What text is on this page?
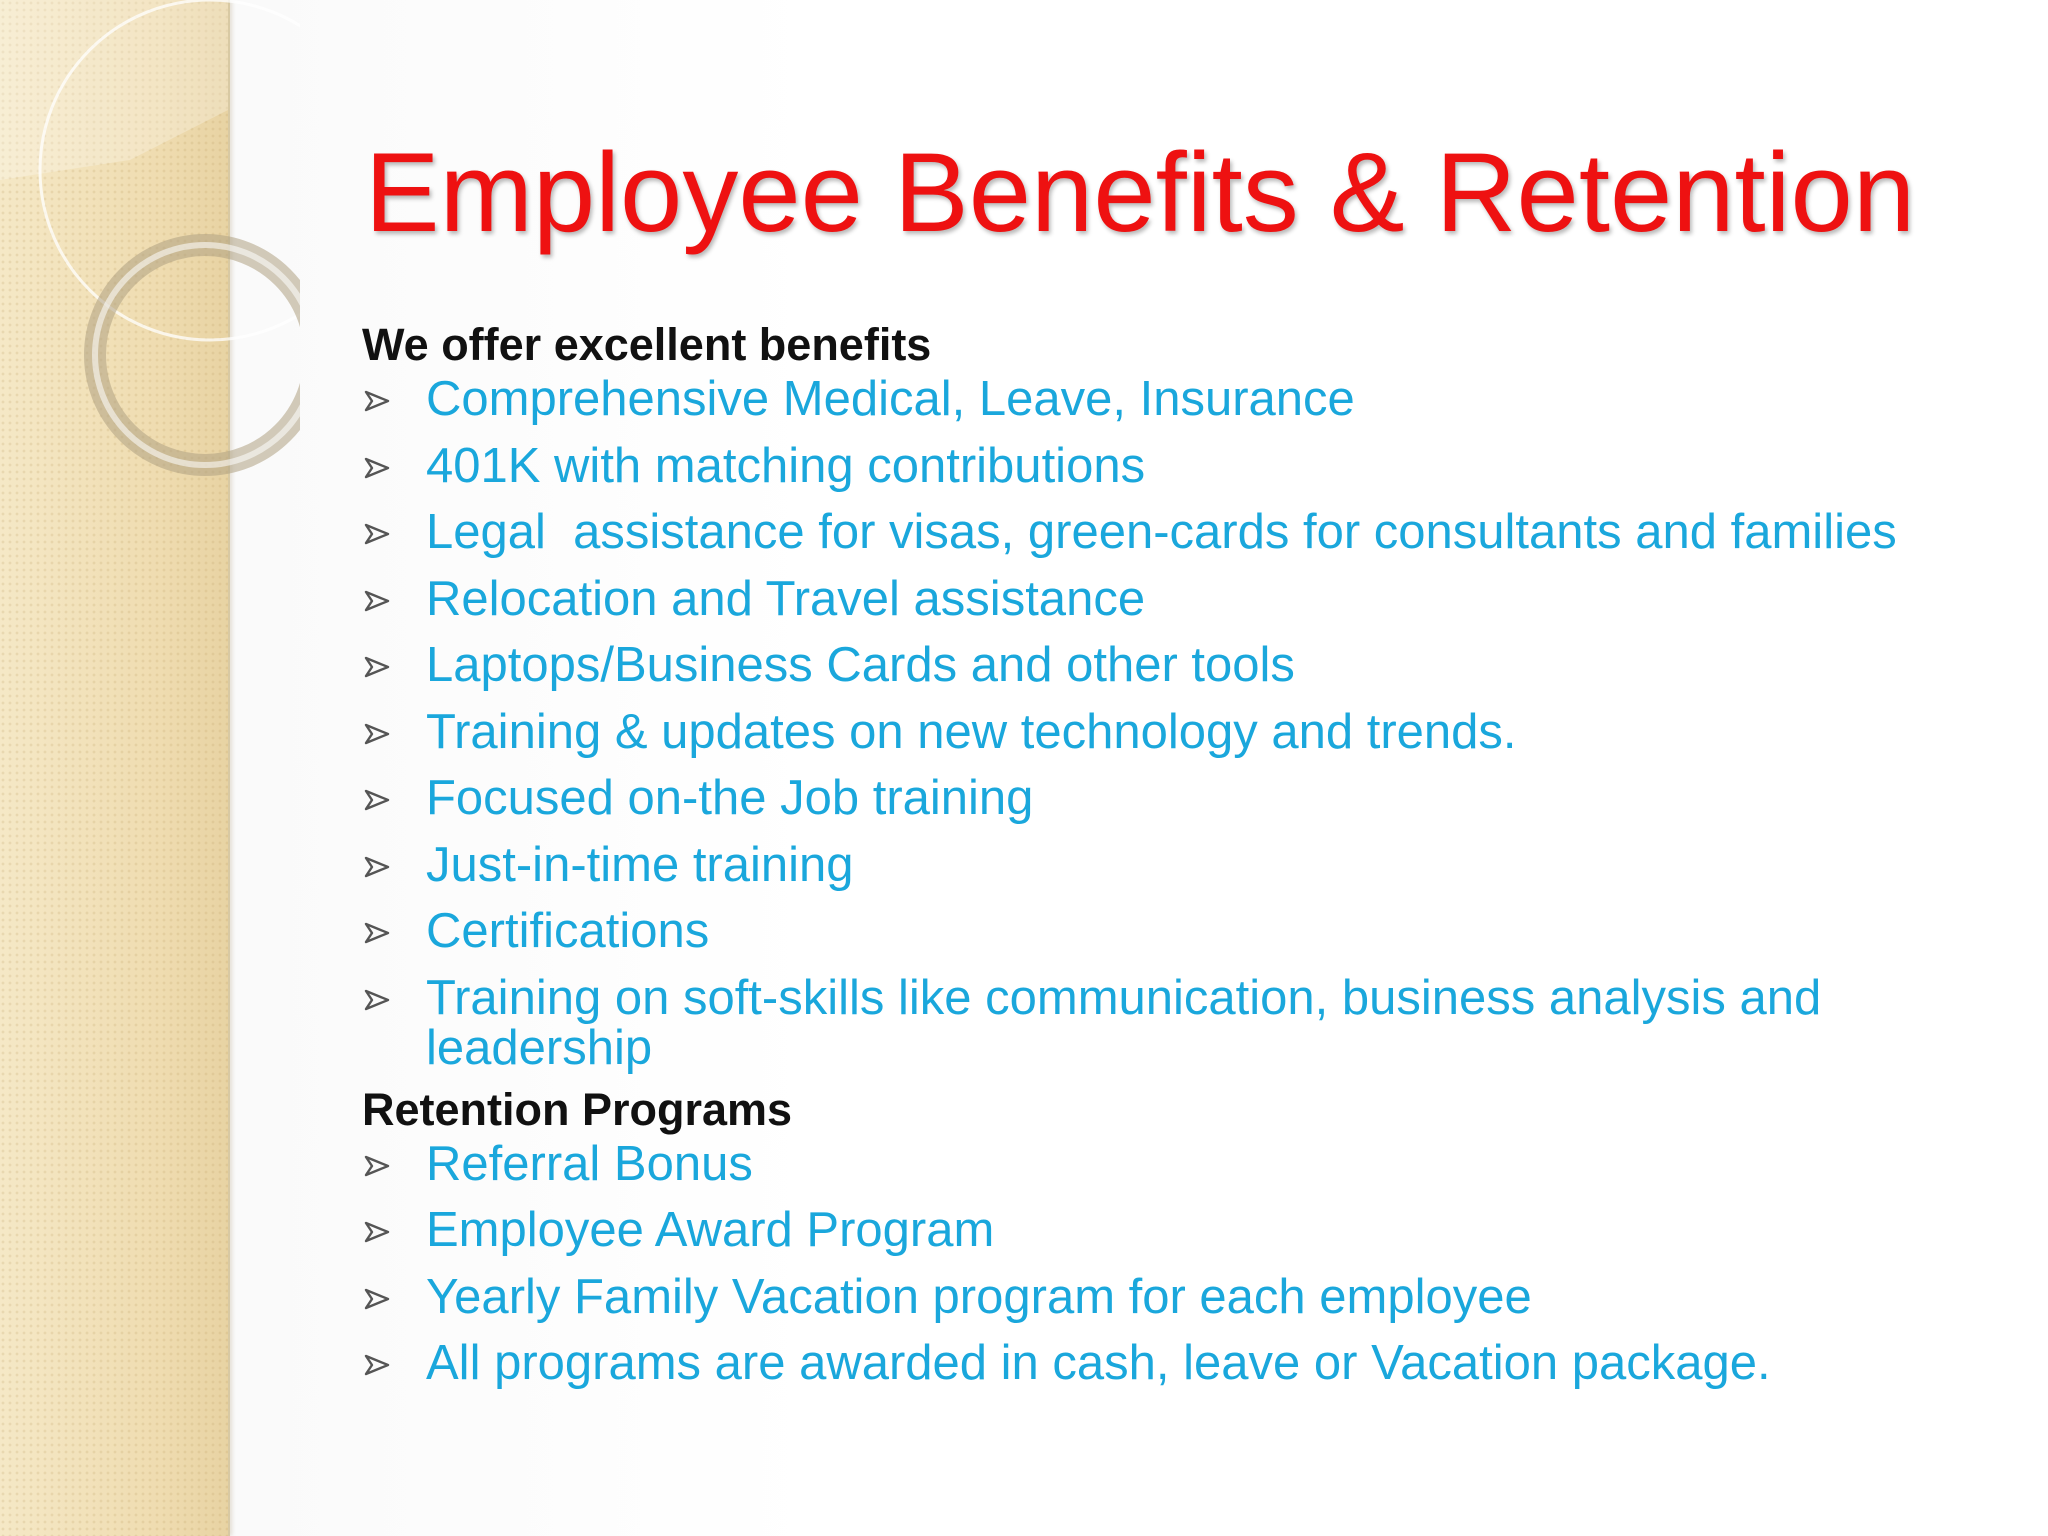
Employee Benefits & Retention
We offer excellent benefits
Comprehensive Medical, Leave, Insurance
401K with matching contributions
Legal  assistance for visas, green-cards for consultants and families
Relocation and Travel assistance
Laptops/Business Cards and other tools
Training & updates on new technology and trends.
Focused on-the Job training
Just-in-time training
Certifications
Training on soft-skills like communication, business analysis and leadership
Retention Programs
Referral Bonus
Employee Award Program
Yearly Family Vacation program for each employee
All programs are awarded in cash, leave or Vacation package.
